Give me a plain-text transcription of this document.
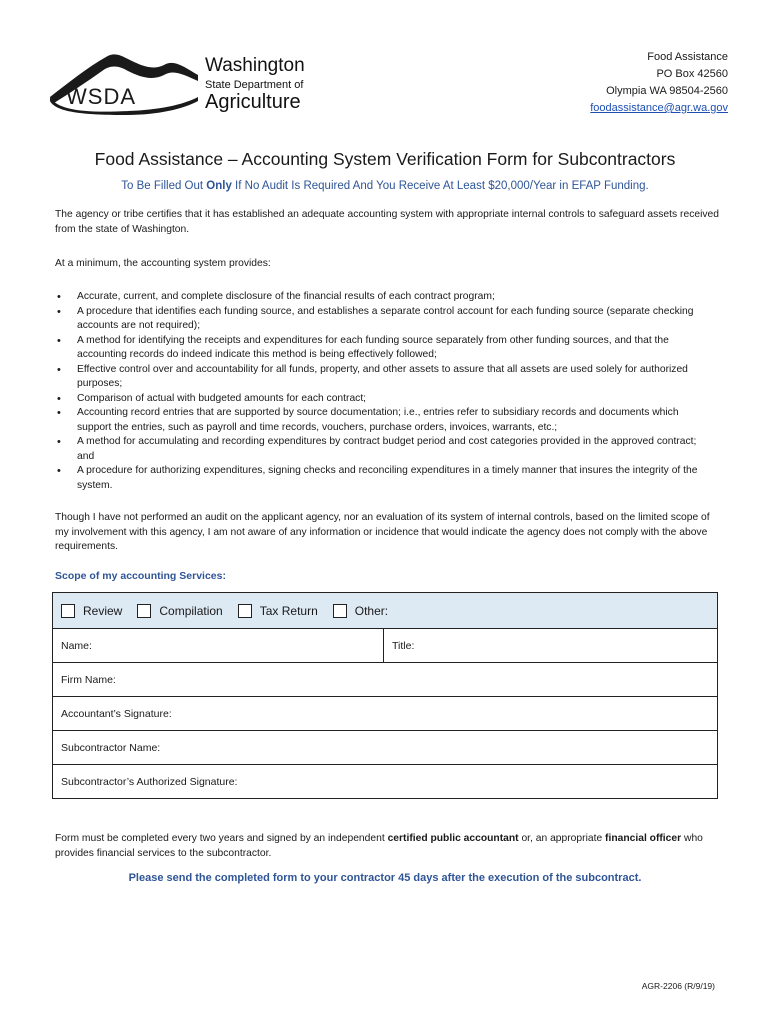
WSDA
Washington
State Department of
Agriculture
Food Assistance
PO Box 42560
Olympia WA 98504-2560
foodassistance@agr.wa.gov
Food Assistance – Accounting System Verification Form for Subcontractors
To Be Filled Out Only If No Audit Is Required And You Receive At Least $20,000/Year in EFAP Funding.
The agency or tribe certifies that it has established an adequate accounting system with appropriate internal controls to safeguard assets received from the state of Washington.
At a minimum, the accounting system provides:
• Accurate, current, and complete disclosure of the financial results of each contract program;
• A procedure that identifies each funding source, and establishes a separate control account for each funding source (separate checking accounts are not required);
• A method for identifying the receipts and expenditures for each funding source separately from other funding sources, and that the accounting records do indeed indicate this method is being effectively followed;
• Effective control over and accountability for all funds, property, and other assets to assure that all assets are used solely for authorized purposes;
• Comparison of actual with budgeted amounts for each contract;
• Accounting record entries that are supported by source documentation; i.e., entries refer to subsidiary records and documents which support the entries, such as payroll and time records, vouchers, purchase orders, invoices, warrants, etc.;
• A method for accumulating and recording expenditures by contract budget period and cost categories provided in the approved contract; and
• A procedure for authorizing expenditures, signing checks and reconciling expenditures in a timely manner that insures the integrity of the system.
Though I have not performed an audit on the applicant agency, nor an evaluation of its system of internal controls, based on the limited scope of my involvement with this agency, I am not aware of any information or incidence that would indicate the agency does not comply with the above requirements.
Scope of my accounting Services:
Review	Compilation	Tax Return	Other:
Name:	Title:
Firm Name:
Accountant’s Signature:
Subcontractor Name:
Subcontractor’s Authorized Signature:
Form must be completed every two years and signed by an independent certified public accountant or, an appropriate financial officer who provides financial services to the subcontractor.
Please send the completed form to your contractor 45 days after the execution of the subcontract.
AGR-2206 (R/9/19)
